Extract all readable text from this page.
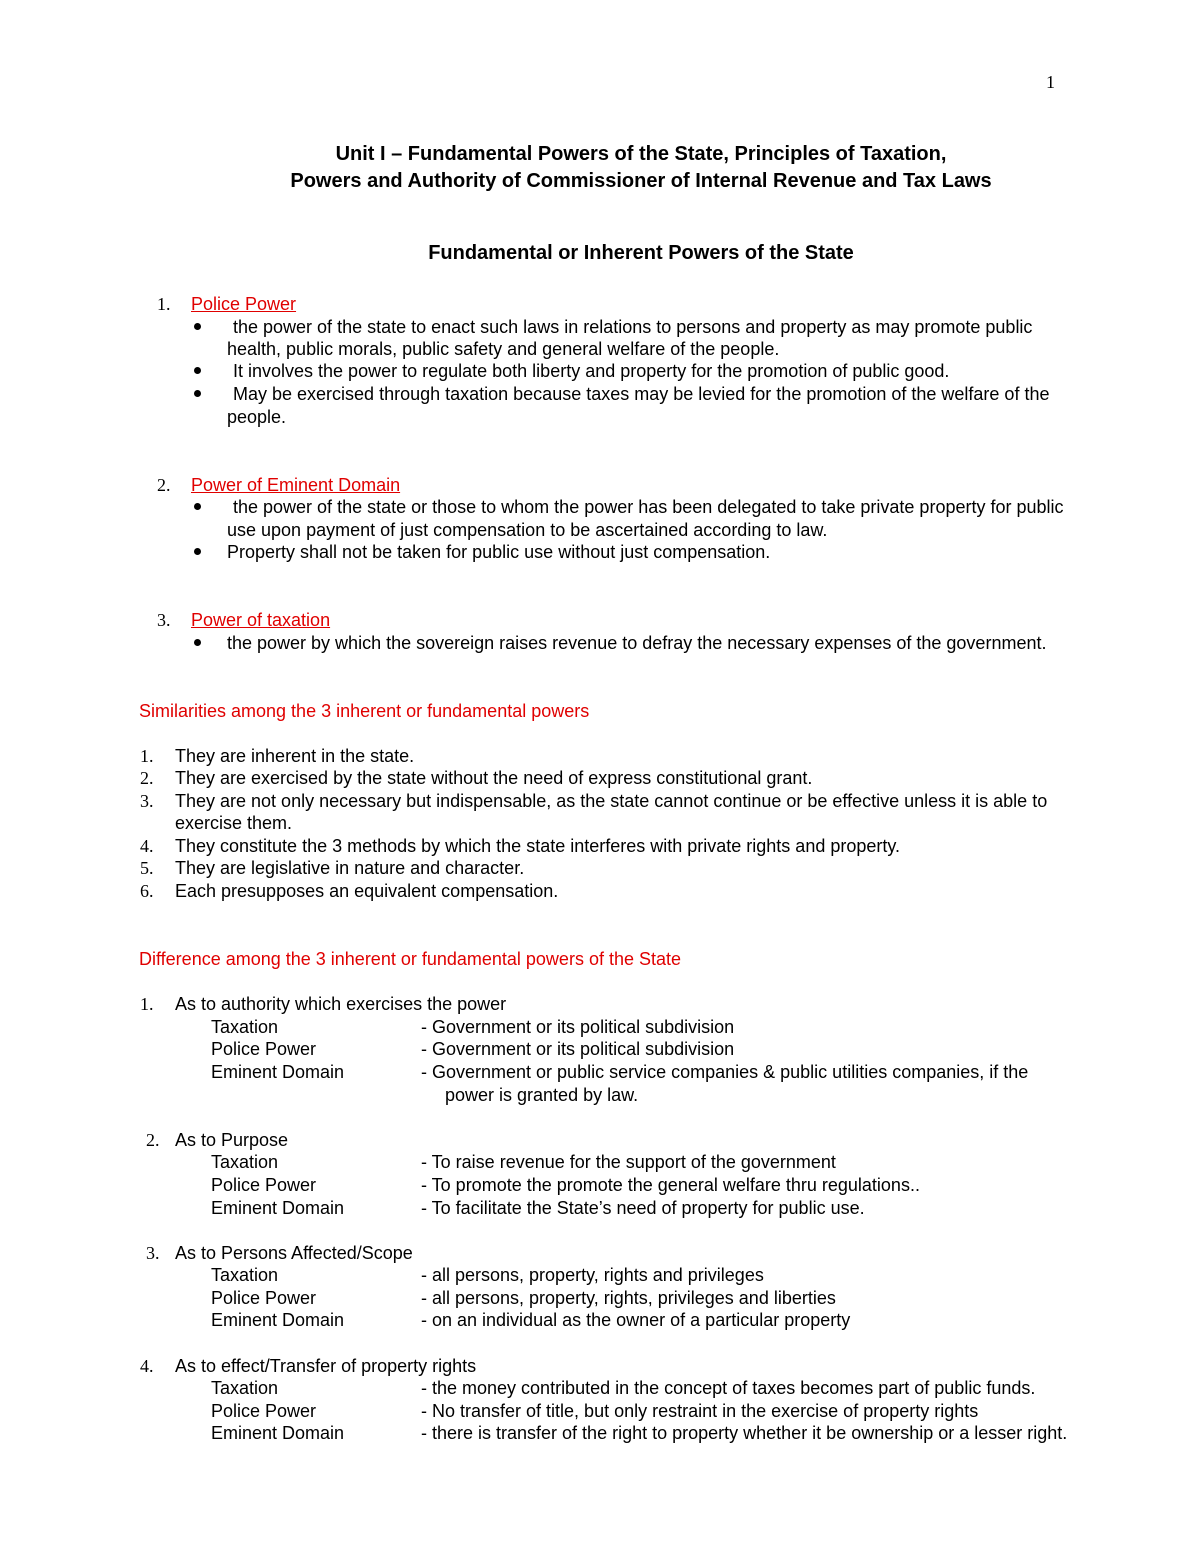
1
Unit I – Fundamental Powers of the State, Principles of Taxation,
Powers and Authority of Commissioner of Internal Revenue and Tax Laws
Fundamental or Inherent Powers of the State
1. Police Power
the power of the state to enact such laws in relations to persons and property as may promote public
health, public morals, public safety and general welfare of the people.
It involves the power to regulate both liberty and property for the promotion of public good.
May be exercised through taxation because taxes may be levied for the promotion of the welfare of the
people.
2. Power of Eminent Domain
the power of the state or those to whom the power has been delegated to take private property for public
use upon payment of just compensation to be ascertained according to law.
Property shall not be taken for public use without just compensation.
3. Power of taxation
the power by which the sovereign raises revenue to defray the necessary expenses of the government.
Similarities among the 3 inherent or fundamental powers
1. They are inherent in the state.
2. They are exercised by the state without the need of express constitutional grant.
3. They are not only necessary but indispensable, as the state cannot continue or be effective unless it is able to
exercise them.
4. They constitute the 3 methods by which the state interferes with private rights and property.
5. They are legislative in nature and character.
6. Each presupposes an equivalent compensation.
Difference among the 3 inherent or fundamental powers of the State
1. As to authority which exercises the power
Taxation	- Government or its political subdivision
Police Power	- Government or its political subdivision
Eminent Domain	- Government or public service companies & public utilities companies, if the
power is granted by law.
2. As to Purpose
Taxation	- To raise revenue for the support of the government
Police Power	- To promote the promote the general welfare thru regulations..
Eminent Domain	- To facilitate the State’s need of property for public use.
3. As to Persons Affected/Scope
Taxation	- all persons, property, rights and privileges
Police Power	- all persons, property, rights, privileges and liberties
Eminent Domain	- on an individual as the owner of a particular property
4. As to effect/Transfer of property rights
Taxation	- the money contributed in the concept of taxes becomes part of public funds.
Police Power	- No transfer of title, but only restraint in the exercise of property rights
Eminent Domain	- there is transfer of the right to property whether it be ownership or a lesser right.
